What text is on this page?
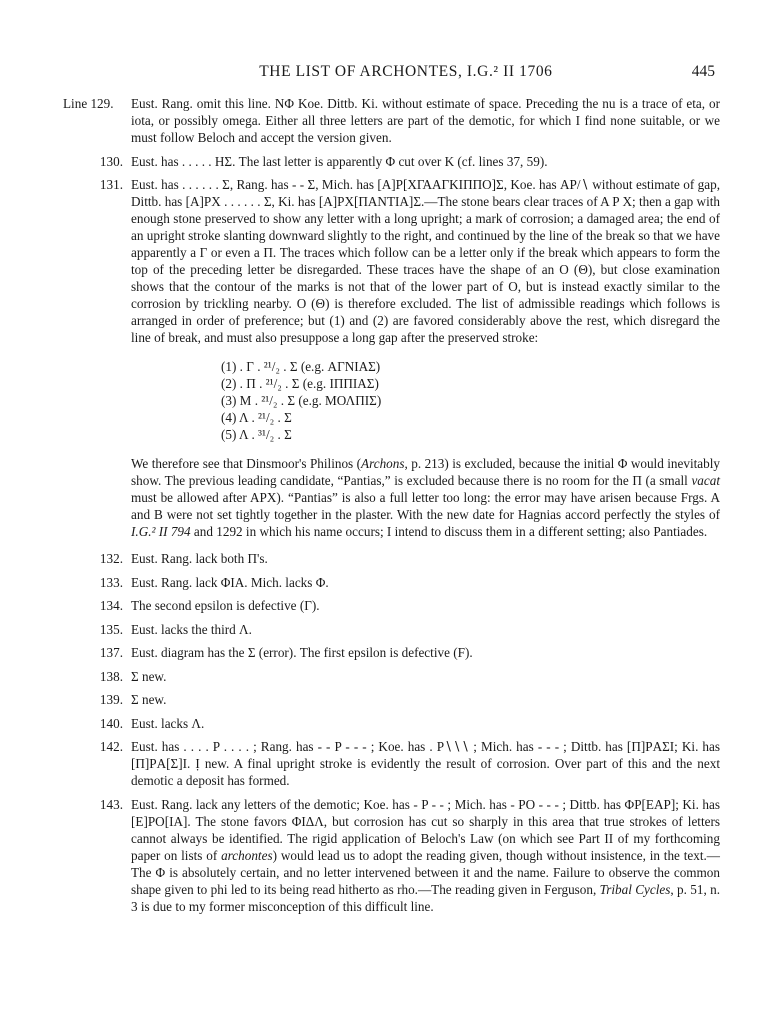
THE LIST OF ARCHONTES, I.G.² II 1706	445
Line 129.	Eust. Rang. omit this line. NΦ Koe. Dittb. Ki. without estimate of space. Preceding the nu is a trace of eta, or iota, or possibly omega. Either all three letters are part of the demotic, for which I find none suitable, or we must follow Beloch and accept the version given.
130. Eust. has . . . . . HΣ. The last letter is apparently Φ cut over K (cf. lines 37, 59).
131. Eust. has . . . . . . Σ, Rang. has - - Σ, Mich. has [A]P[XΓΑΑΓΚΙΠΠΟ]Σ, Koe. has ΑΡ/∖ without estimate of gap, Dittb. has [A]PX . . . . . . Σ, Ki. has [A]PX[ΠΑΝΤΙΑ]Σ.—The stone bears clear traces of A P X; then a gap with enough stone preserved to show any letter with a long upright; a mark of corrosion; a damaged area; the end of an upright stroke slanting downward slightly to the right, and continued by the line of the break so that we have apparently a Γ or even a Π. The traces which follow can be a letter only if the break which appears to form the top of the preceding letter be disregarded. These traces have the shape of an O (Θ), but close examination shows that the contour of the marks is not that of the lower part of O, but is instead exactly similar to the corrosion by trickling nearby. O (Θ) is therefore excluded. The list of admissible readings which follows is arranged in order of preference; but (1) and (2) are favored considerably above the rest, which disregard the line of break, and must also presuppose a long gap after the preserved stroke:
(1) . Γ . ²¹/₂ . Σ (e.g. ΑΓΝΙΑΣ)
(2) . Π . ²¹/₂ . Σ (e.g. ΙΠΠΙΑΣ)
(3) Μ . ²¹/₂ . Σ (e.g. ΜΟΛΠΙΣ)
(4) Λ . ²¹/₂ . Σ
(5) Λ . ³¹/₂ . Σ
We therefore see that Dinsmoor's Philinos (Archons, p. 213) is excluded, because the initial Φ would inevitably show. The previous leading candidate, “Pantias,” is excluded because there is no room for the Π (a small vacat must be allowed after APX). “Pantias” is also a full letter too long: the error may have arisen because Frgs. A and B were not set tightly together in the plaster. With the new date for Hagnias accord perfectly the styles of I.G.² II 794 and 1292 in which his name occurs; I intend to discuss them in a different setting; also Pantiades.
132. Eust. Rang. lack both Π's.
133. Eust. Rang. lack ΦΙΑ. Mich. lacks Φ.
134. The second epsilon is defective (Γ).
135. Eust. lacks the third Λ.
137. Eust. diagram has the Σ (error). The first epsilon is defective (F).
138. Σ new.
139. Σ new.
140. Eust. lacks Λ.
142. Eust. has . . . . P . . . . ; Rang. has - - P - - - ; Koe. has . P∖∖∖ ; Mich. has - - - ; Dittb. has [Π]PΑΣΙ; Ki. has [Π]PΑ[Σ]Ι. Ị new. A final upright stroke is evidently the result of corrosion. Over part of this and the next demotic a deposit has formed.
143. Eust. Rang. lack any letters of the demotic; Koe. has - P - - ; Mich. has - PO - - - ; Dittb. has ΦP[EAP]; Ki. has [E]PO[ΙΑ]. The stone favors ΦΙΔΛ, but corrosion has cut so sharply in this area that true strokes of letters cannot always be identified. The rigid application of Beloch's Law (on which see Part II of my forthcoming paper on lists of archontes) would lead us to adopt the reading given, though without insistence, in the text.—The Φ is absolutely certain, and no letter intervened between it and the name. Failure to observe the common shape given to phi led to its being read hitherto as rho.—The reading given in Ferguson, Tribal Cycles, p. 51, n. 3 is due to my former misconception of this difficult line.
